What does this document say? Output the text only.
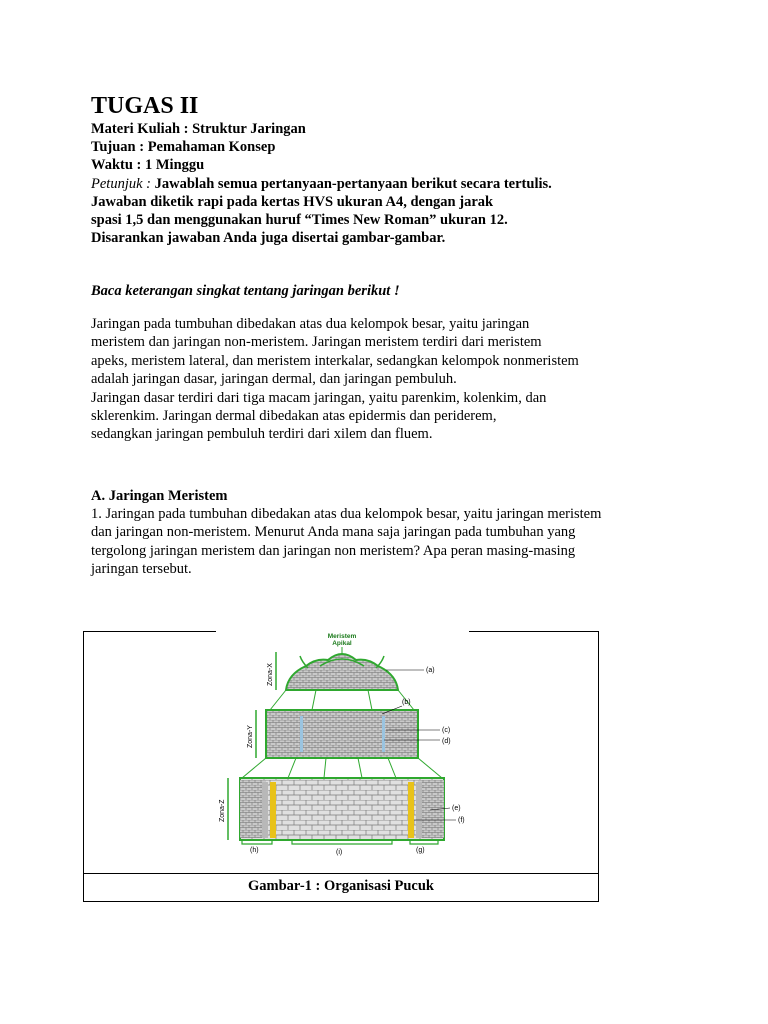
TUGAS II
Materi Kuliah : Struktur Jaringan
Tujuan : Pemahaman Konsep
Waktu : 1 Minggu
Petunjuk : Jawablah semua pertanyaan-pertanyaan berikut secara tertulis.
Jawaban diketik rapi pada kertas HVS ukuran A4, dengan jarak
spasi 1,5 dan menggunakan huruf “Times New Roman” ukuran 12.
Disarankan jawaban Anda juga disertai gambar-gambar.
Baca keterangan singkat tentang jaringan berikut !
Jaringan pada tumbuhan dibedakan atas dua kelompok besar, yaitu jaringan
meristem dan jaringan non-meristem. Jaringan meristem terdiri dari meristem
apeks, meristem lateral, dan meristem interkalar, sedangkan kelompok nonmeristem
adalah jaringan dasar, jaringan dermal, dan jaringan pembuluh.
Jaringan dasar terdiri dari tiga macam jaringan, yaitu parenkim, kolenkim, dan
sklerenkim. Jaringan dermal dibedakan atas epidermis dan periderem,
sedangkan jaringan pembuluh terdiri dari xilem dan fluem.
A. Jaringan Meristem
1. Jaringan pada tumbuhan dibedakan atas dua kelompok besar, yaitu jaringan meristem
dan jaringan non-meristem. Menurut Anda mana saja jaringan pada tumbuhan yang
tergolong jaringan meristem dan jaringan non meristem? Apa peran masing-masing
jaringan tersebut.
Meristem
Apikal
Zona-X
Zona-Y
Zona-Z
(h)	(i)	(g)
(a)
(b)
(c)
(d)
(e)
(f)
Gambar-1 : Organisasi Pucuk
